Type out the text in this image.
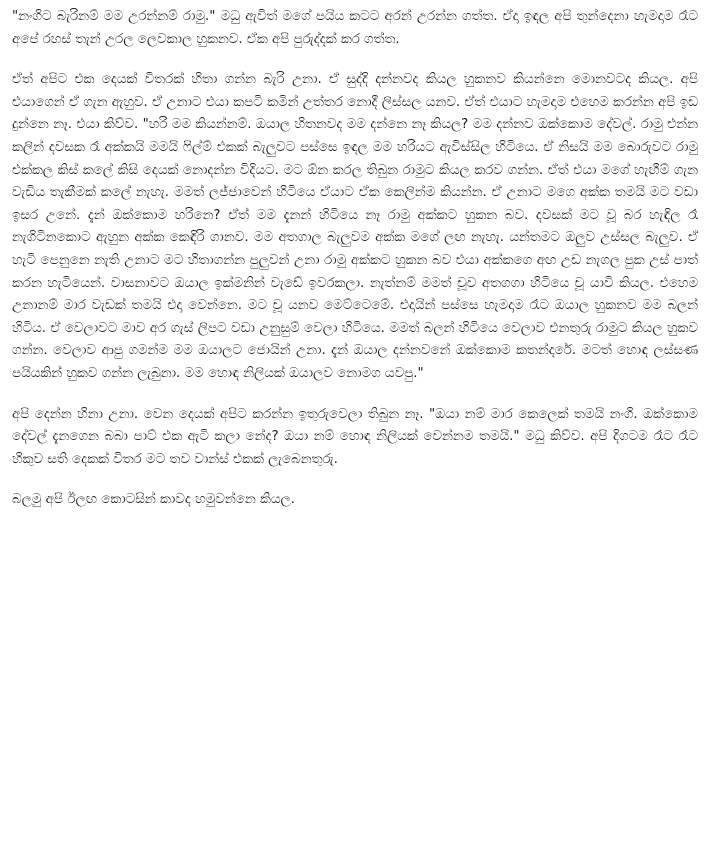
"නංගිට බැරිනම් මම උරන්නම් රාමු." මධු ඇවිත් මගේ පයිය කටට අරන් උරන්න ගත්ත. ඒදා ඉඳල අපි තුන්දෙනා හැමදාම රෑට අපේ රහස් තැන් උරල ලෙවකාල හුකනව. ඒක අපි පුරුද්දක් කර ගත්ත.

ඒත් අපිට එක දෙයක් විතරක් හිතා ගන්න බැරි උනා. ඒ සුද්දි දන්නවද කියල හුකනව කියන්නෙ මොනවටද කියල. අපි එයාගෙන් ඒ ගැන ඇහුව. ඒ උනාට එයා කපටි කමින් උත්තර නොදී ලිස්සල යනව. ඒත් එයාට හැමදාම එහෙම කරන්න අපි ඉඩ දුන්නෙ නෑ. එයා කිව්ව. "හරි මම කියන්නම්. ඔයාල හිතනවද මම දන්නෙ නෑ කියල? මම දන්නව ඔක්කොම දේවල්. රාමු එන්න කලින් දවසක රෑ අක්කයි මමයි ෆිල්ම් එකක් බැලුවට පස්සෙ ඉඳල මම හරියට ඇවිස්සිල හිටියෙ. ඒ නිසයි මම බොරුවට රාමු එක්කල කිස් කලේ කිසි දෙයක් නොදන්න විදියට. මට ඕන කරල තිබුන රාමුට කියල කරව ගන්න. ඒත් එයා මගේ හැඟීම් ගැන වැඩිය තැකීමක් කලේ නැහැ. මමත් ලජ්ජාවෙන් හිටියෙ ඒයාට ඒක කෙලින්ම කියන්න. ඒ උනාට මගෙ අක්ක තමයි මට වඩා ඉසර උනේ. දැන් ඔක්කොම හරිනෙ? ඒත් මම දැනන් හිටියෙ නෑ රාමු අක්කට හුකන බව. දවසක් මට වූ බර හැඳිල රෑ නැගිටිනකොට ඇහුන අක්ක කෙඳිරි ගානව. මම අතගාල බැලුවම අක්ක මගේ ලඟ නැහැ. යන්තමට ඔලුව උස්සල බැලුව. ඒ හැටි පෙනුනෙ නැති උනාට මට හිතාගන්න පුලුවන් උනා රාමු අක්කට හුකන බව එයා අක්කගෙ අඟ උඩ නැගල පුක උස් පාත් කරන හැටියෙන්. වාසනාවට ඔයාල ඉක්මනින් වැඩේ ඉවරකලා. නැත්නම් මමත් චූව අතගගා හිටියෙ චූ යාවි කියල. එහෙම උනානම් මාර වැඩක් තමයි එදා වෙන්නෙ. මට චූ යනව මෙට්ටෙමේ. එදායින් පස්සෙ හැමදාම රෑට ඔයාල හුකනව මම බලන් හිටිය. ඒ වෙලාවට මාව අර ගැස් ලිපට වඩා උනුසුම් වෙලා හිටියෙ. මමත් බලන් හිටියෙ වෙලාව එනතුරු රාමුට කියල හුකව ගන්න. වෙලාව ආපු ගමන්ම මම ඔයාලට ජොයින් උනා. දැන් ඔයාල දන්නවනේ ඔක්කොම කතන්දරේ. මටත් හොඳ ලස්සණ පයියකින් හුකව ගන්න ලැබුනා. මම හොඳ නිලියක් ඔයාලව නොමග යවපු."

අපි දෙන්න හිනා උනා. වෙන දෙයක් අපිට කරන්න ඉතුරුවෙලා තිබුන නෑ. "ඔයා නම් මාර කෙලෙක් තමයි නංගි. ඔක්කොම දේවල් දැනගෙන බබා පාට් එක ඇටි කලා නේද? ඔයා නම් හොඳ නිලියක් වෙන්නම තමයි." මධු කිව්ව. අපි දිගටම රෑට රෑට හිකුව සති දෙකක් විතර මට තව වාන්ස් එකක් ලැබෙනතුරු.

බලමු අපි ඊලඟ කොටසින් කාවද හමුවන්නෙ කියල.
